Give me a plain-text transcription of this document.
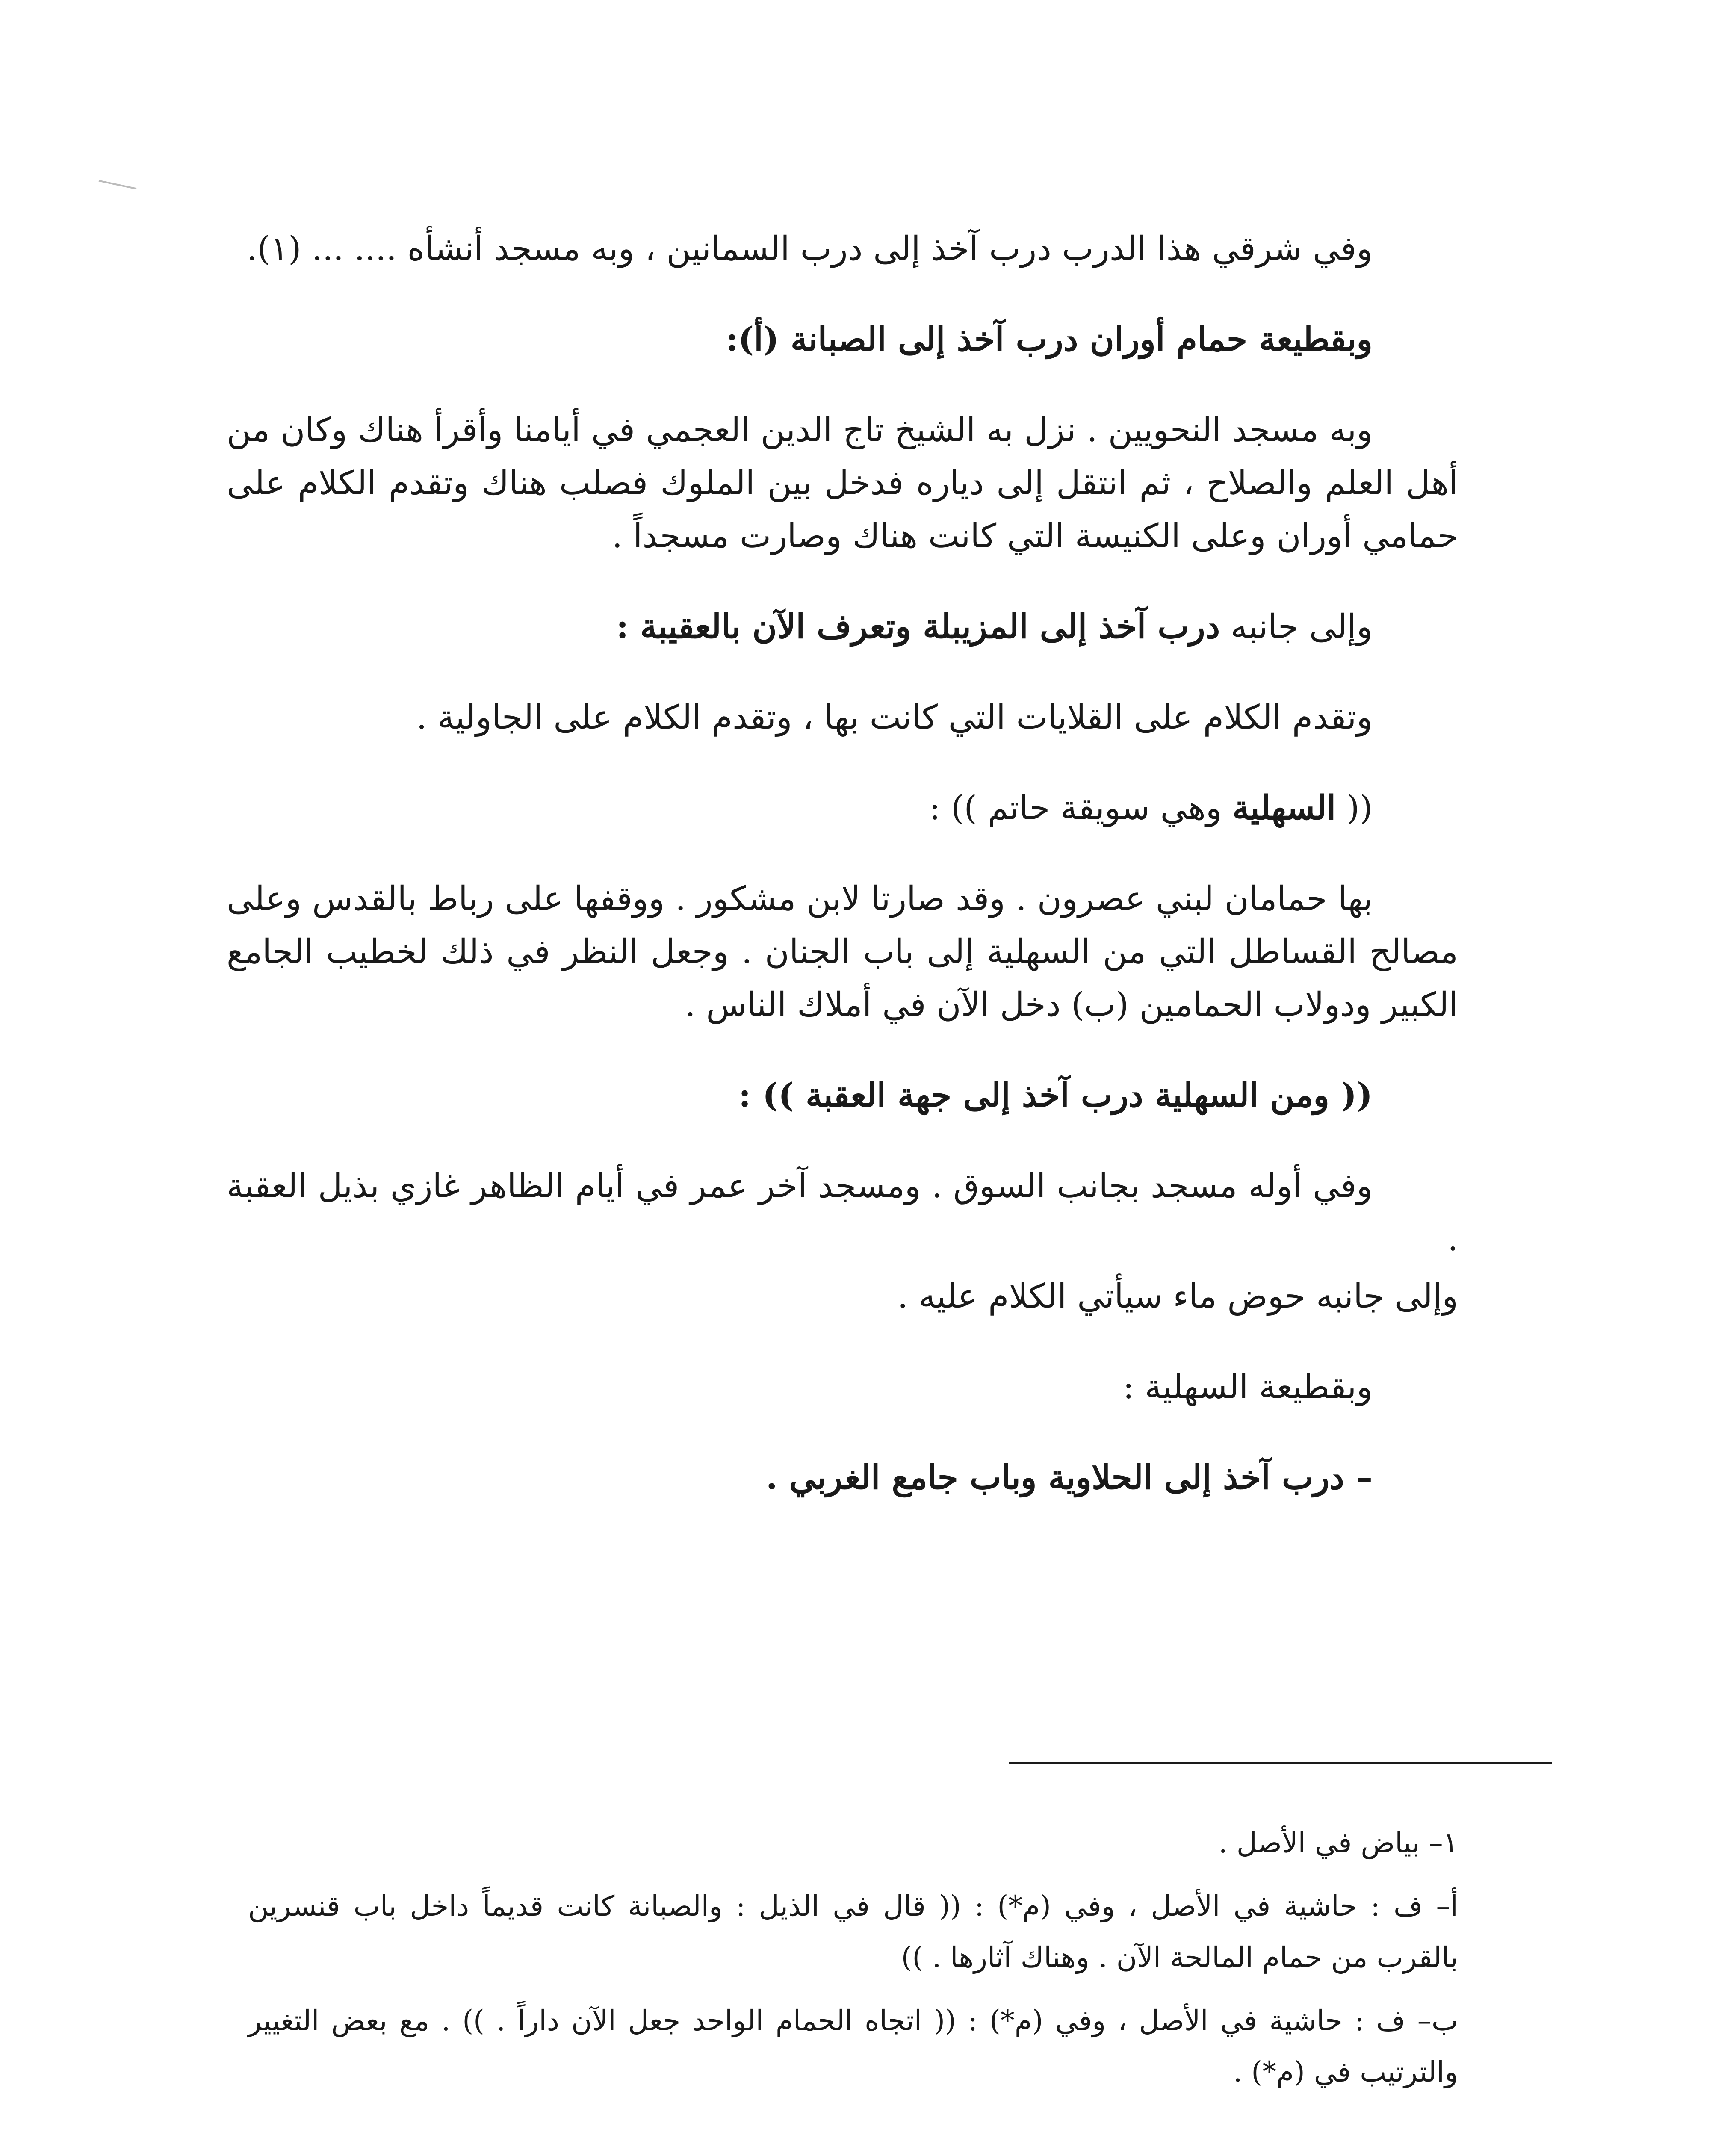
وفي شرقي هذا الدرب درب آخذ إلى درب السمانين ، وبه مسجد أنشأه .... ... (١).

وبقطيعة حمام أوران درب آخذ إلى الصبانة (أ):

وبه مسجد النحويين . نزل به الشيخ تاج الدين العجمي في أيامنا وأقرأ هناك وكان من أهل العلم والصلاح ، ثم انتقل إلى دياره فدخل بين الملوك فصلب هناك وتقدم الكلام على حمامي أوران وعلى الكنيسة التي كانت هناك وصارت مسجداً .

وإلى جانبه درب آخذ إلى المزيبلة وتعرف الآن بالعقيبة :

وتقدم الكلام على القلايات التي كانت بها ، وتقدم الكلام على الجاولية .

(( السهلية وهي سويقة حاتم )) :

بها حمامان لبني عصرون . وقد صارتا لابن مشكور . ووقفها على رباط بالقدس وعلى مصالح القساطل التي من السهلية إلى باب الجنان . وجعل النظر في ذلك لخطيب الجامع الكبير ودولاب الحمامين (ب) دخل الآن في أملاك الناس .

(( ومن السهلية درب آخذ إلى جهة العقبة )) :

وفي أوله مسجد بجانب السوق . ومسجد آخر عمر في أيام الظاهر غازي بذيل العقبة .

وإلى جانبه حوض ماء سيأتي الكلام عليه .

وبقطيعة السهلية :

– درب آخذ إلى الحلاوية وباب جامع الغربي .

١– بياض في الأصل .

أ– ف : حاشية في الأصل ، وفي (م*) : (( قال في الذيل : والصبانة كانت قديماً داخل باب قنسرين بالقرب من حمام المالحة الآن . وهناك آثارها . ))

ب– ف : حاشية في الأصل ، وفي (م*) : (( اتجاه الحمام الواحد جعل الآن داراً . )) . مع بعض التغيير والترتيب في (م*) .
